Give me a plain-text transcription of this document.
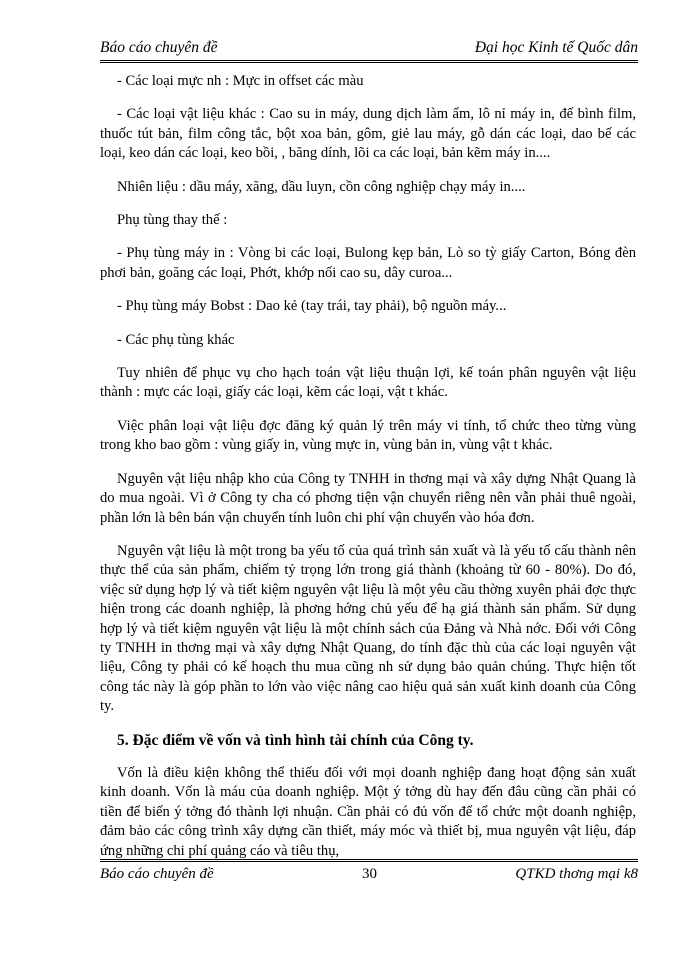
Báo cáo chuyên đề	Đại học Kinh tế Quốc dân

- Các loại mực nh : Mực in offset các màu

- Các loại vật liệu khác : Cao su in máy, dung dịch làm ẩm, lô nỉ máy in, đế bình film, thuốc tút bản, film công tắc, bột xoa bản, gôm, giẻ lau máy, gỗ dán các loại, dao bế các loại, keo dán các loại, keo bồi, , băng dính, lõi ca các loại, bản kẽm máy in....

Nhiên liệu : dầu máy, xăng, dầu luyn, cồn công nghiệp chạy máy in....

Phụ tùng thay thế :

- Phụ tùng máy in : Vòng bi các loại, Bulong kẹp bản, Lò so tỳ giấy Carton, Bóng đèn phơi bản, goăng các loại, Phớt, khớp nối cao su, dây curoa...

- Phụ tùng máy Bobst : Dao kẻ (tay trái, tay phải), bộ nguồn máy...

- Các phụ tùng khác

Tuy nhiên để phục vụ cho hạch toán vật liệu thuận lợi, kế toán phân nguyên vật liệu thành : mực các loại, giấy các loại, kẽm các loại, vật t khác.

Việc phân loại vật liệu đợc đăng ký quản lý trên máy vi tính, tổ chức theo từng vùng trong kho bao gồm : vùng giấy in, vùng mực in, vùng bản in, vùng vật t khác.

Nguyên vật liệu nhập kho của Công ty TNHH in thơng mại và xây dựng Nhật Quang là do mua ngoài. Vì ở Công ty cha có phơng tiện vận chuyển riêng nên vẫn phải thuê ngoài, phần lớn là bên bán vận chuyển tính luôn chi phí vận chuyển vào hóa đơn.

Nguyên vật liệu là một trong ba yếu tố của quá trình sản xuất và là yếu tố cấu thành nên thực thể của sản phẩm, chiếm tỷ trọng lớn trong giá thành (khoảng từ 60 - 80%). Do đó, việc sử dụng hợp lý và tiết kiệm nguyên vật liệu là một yêu cầu thờng xuyên phải đợc thực hiện trong các doanh nghiệp, là phơng hớng chủ yếu để hạ giá thành sản phẩm. Sử dụng hợp lý và tiết kiệm nguyên vật liệu là một chính sách của Đảng và Nhà nớc. Đối với Công ty TNHH in thơng mại và xây dựng Nhật Quang, do tính đặc thù của các loại nguyên vật liệu, Công ty phải có kế hoạch thu mua cũng nh sử dụng bảo quản chúng. Thực hiện tốt công tác này là góp phần to lớn vào việc nâng cao hiệu quả sản xuất kinh doanh của Công ty.

5. Đặc điểm về vốn và tình hình tài chính của Công ty.

Vốn là điều kiện không thể thiếu đối với mọi doanh nghiệp đang hoạt động sản xuất kinh doanh. Vốn là máu của doanh nghiệp. Một ý tởng dù hay đến đâu cũng cần phải có tiền để biến ý tởng đó thành lợi nhuận. Cần phải có đủ vốn để tổ chức một doanh nghiệp, đảm bảo các công trình xây dựng cần thiết, máy móc và thiết bị, mua nguyên vật liệu, đáp ứng những chi phí quảng cáo và tiêu thụ,

Báo cáo chuyên đề	30	QTKD thơng mại k8
